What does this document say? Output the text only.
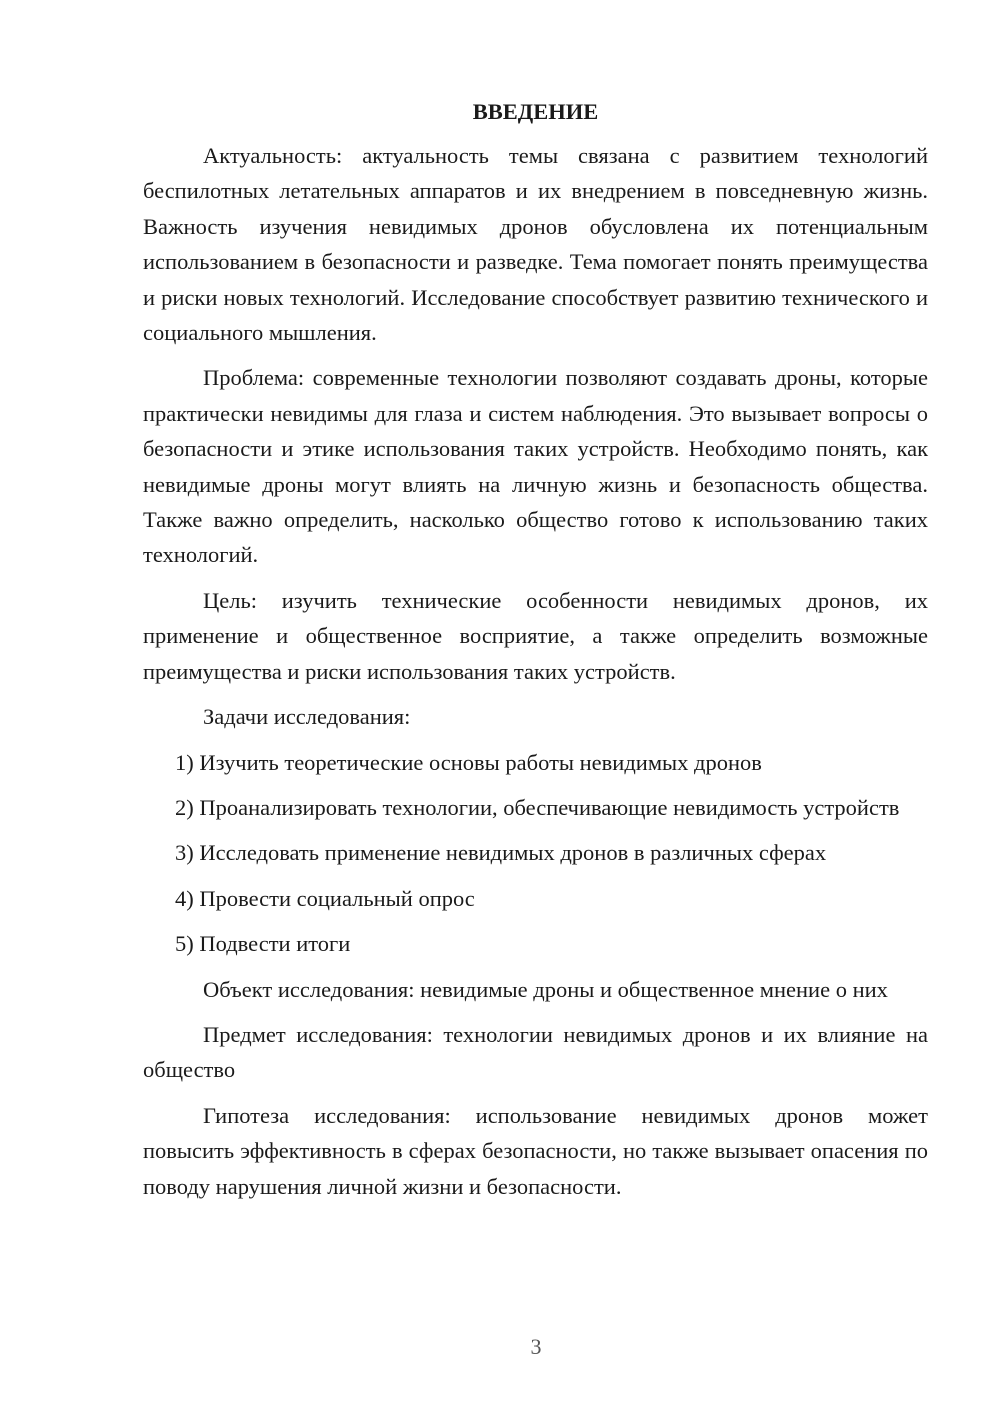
ВВЕДЕНИЕ

Актуальность: актуальность темы связана с развитием технологий беспилотных летательных аппаратов и их внедрением в повседневную жизнь. Важность изучения невидимых дронов обусловлена их потенциальным использованием в безопасности и разведке. Тема помогает понять преимущества и риски новых технологий. Исследование способствует развитию технического и социального мышления.

Проблема: современные технологии позволяют создавать дроны, которые практически невидимы для глаза и систем наблюдения. Это вызывает вопросы о безопасности и этике использования таких устройств. Необходимо понять, как невидимые дроны могут влиять на личную жизнь и безопасность общества. Также важно определить, насколько общество готово к использованию таких технологий.

Цель: изучить технические особенности невидимых дронов, их применение и общественное восприятие, а также определить возможные преимущества и риски использования таких устройств.

Задачи исследования:

1) Изучить теоретические основы работы невидимых дронов

2) Проанализировать технологии, обеспечивающие невидимость устройств

3) Исследовать применение невидимых дронов в различных сферах

4) Провести социальный опрос

5) Подвести итоги

Объект исследования: невидимые дроны и общественное мнение о них

Предмет исследования: технологии невидимых дронов и их влияние на общество

Гипотеза исследования: использование невидимых дронов может повысить эффективность в сферах безопасности, но также вызывает опасения по поводу нарушения личной жизни и безопасности.

3
